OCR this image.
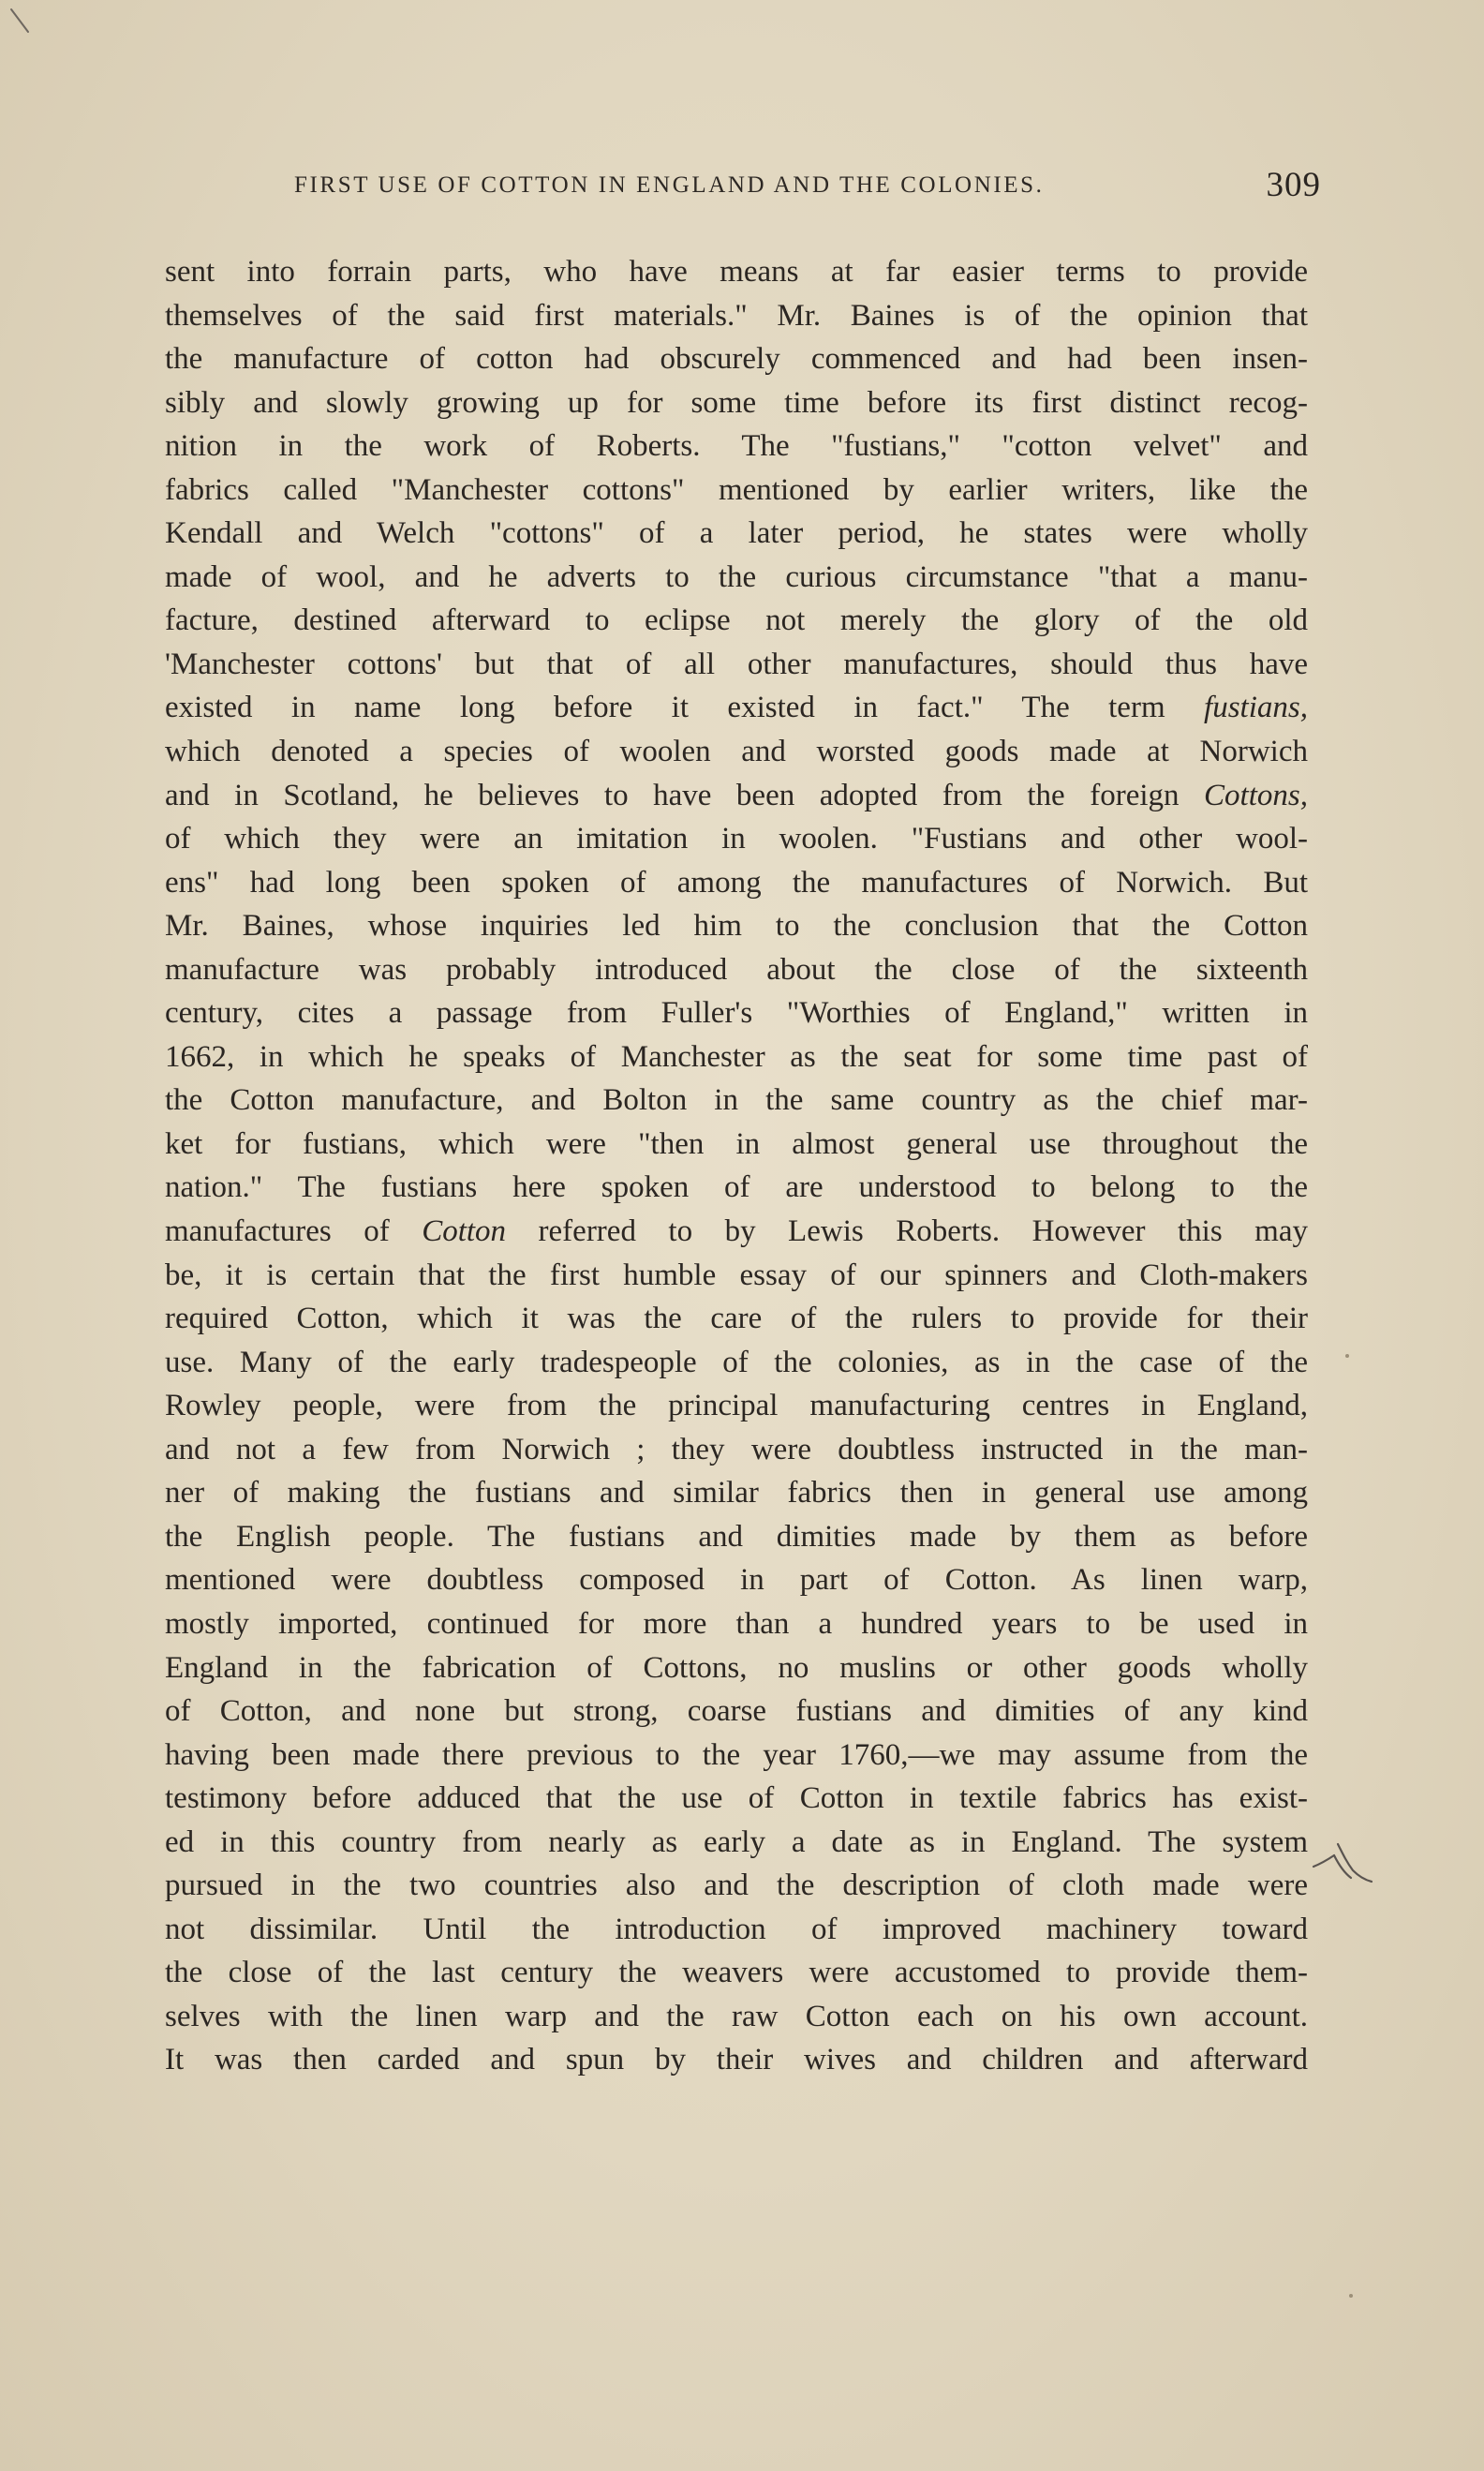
FIRST USE OF COTTON IN ENGLAND AND THE COLONIES.	309
sent into forrain parts, who have means at far easier terms to provide
themselves of the said first materials." Mr. Baines is of the opinion that
the manufacture of cotton had obscurely commenced and had been insen-
sibly and slowly growing up for some time before its first distinct recog-
nition in the work of Roberts. The "fustians," "cotton velvet" and
fabrics called "Manchester cottons" mentioned by earlier writers, like the
Kendall and Welch "cottons" of a later period, he states were wholly
made of wool, and he adverts to the curious circumstance "that a manu-
facture, destined afterward to eclipse not merely the glory of the old
'Manchester cottons' but that of all other manufactures, should thus have
existed in name long before it existed in fact." The term fustians,
which denoted a species of woolen and worsted goods made at Norwich
and in Scotland, he believes to have been adopted from the foreign Cottons,
of which they were an imitation in woolen. "Fustians and other wool-
ens" had long been spoken of among the manufactures of Norwich. But
Mr. Baines, whose inquiries led him to the conclusion that the Cotton
manufacture was probably introduced about the close of the sixteenth
century, cites a passage from Fuller's "Worthies of England," written in
1662, in which he speaks of Manchester as the seat for some time past of
the Cotton manufacture, and Bolton in the same country as the chief mar-
ket for fustians, which were "then in almost general use throughout the
nation." The fustians here spoken of are understood to belong to the
manufactures of Cotton referred to by Lewis Roberts. However this may
be, it is certain that the first humble essay of our spinners and Cloth-makers
required Cotton, which it was the care of the rulers to provide for their
use. Many of the early tradespeople of the colonies, as in the case of the
Rowley people, were from the principal manufacturing centres in England,
and not a few from Norwich ; they were doubtless instructed in the man-
ner of making the fustians and similar fabrics then in general use among
the English people. The fustians and dimities made by them as before
mentioned were doubtless composed in part of Cotton. As linen warp,
mostly imported, continued for more than a hundred years to be used in
England in the fabrication of Cottons, no muslins or other goods wholly
of Cotton, and none but strong, coarse fustians and dimities of any kind
having been made there previous to the year 1760,—we may assume from the
testimony before adduced that the use of Cotton in textile fabrics has exist-
ed in this country from nearly as early a date as in England. The system
pursued in the two countries also and the description of cloth made were
not dissimilar. Until the introduction of improved machinery toward
the close of the last century the weavers were accustomed to provide them-
selves with the linen warp and the raw Cotton each on his own account.
It was then carded and spun by their wives and children and afterward
